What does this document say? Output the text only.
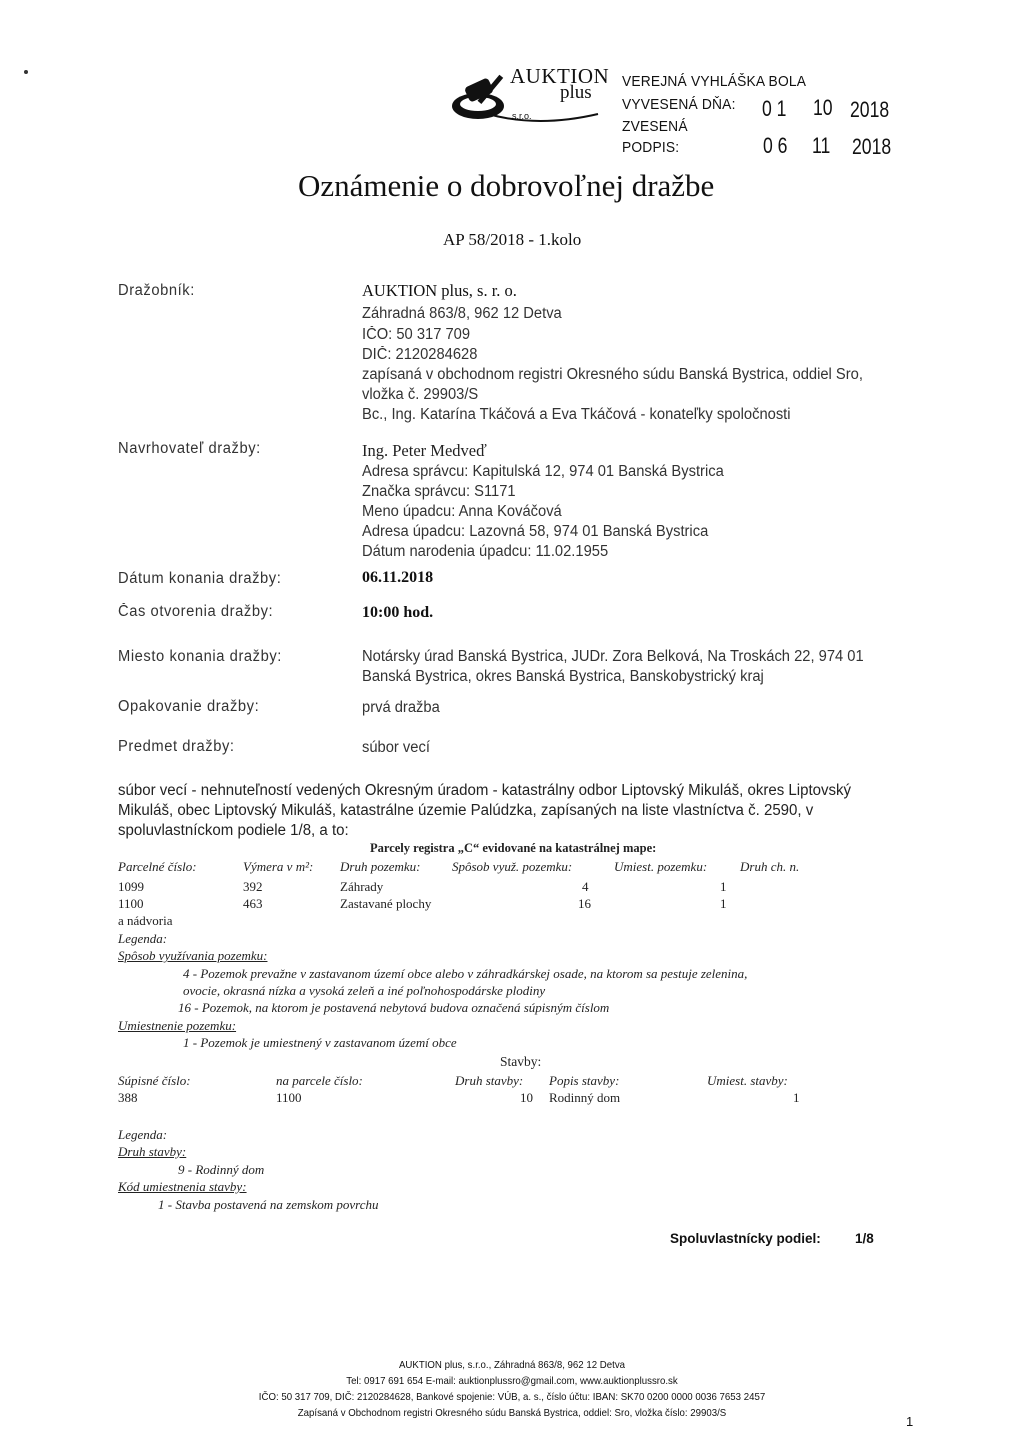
AUKTION
plus
s.r.o.
VEREJNÁ VYHLÁŠKA BOLA
VYVESENÁ DŇA: 0 1 10 2018
ZVESENÁ
PODPIS:	0 6 11 2018
Oznámenie o dobrovoľnej dražbe
AP 58/2018 - 1.kolo
Dražobník:	AUKTION plus, s. r. o.
Záhradná 863/8, 962 12 Detva
IČO: 50 317 709
DIČ: 2120284628
zapísaná v obchodnom registri Okresného súdu Banská Bystrica, oddiel Sro,
vložka č. 29903/S
Bc., Ing. Katarína Tkáčová a Eva Tkáčová - konateľky spoločnosti
Navrhovateľ dražby:	Ing. Peter Medveď
Adresa správcu: Kapitulská 12, 974 01 Banská Bystrica
Značka správcu: S1171
Meno úpadcu: Anna Kováčová
Adresa úpadcu: Lazovná 58, 974 01 Banská Bystrica
Dátum narodenia úpadcu: 11.02.1955
Dátum konania dražby:	06.11.2018
Čas otvorenia dražby:	10:00 hod.
Miesto konania dražby:	Notársky úrad Banská Bystrica, JUDr. Zora Belková, Na Troskách 22, 974 01
Banská Bystrica, okres Banská Bystrica, Banskobystrický kraj
Opakovanie dražby:	prvá dražba
Predmet dražby:	súbor vecí
súbor vecí - nehnuteľností vedených Okresným úradom - katastrálny odbor Liptovský Mikuláš, okres Liptovský
Mikuláš, obec Liptovský Mikuláš, katastrálne územie Palúdzka, zapísaných na liste vlastníctva č. 2590, v
spoluvlastníckom podiele 1/8, a to:
Parcely registra „C“ evidované na katastrálnej mape:
Parcelné číslo:	Výmera v m²: Druh pozemku: Spôsob využ. pozemku:	Umiest. pozemku:	Druh ch. n.
1099	392	Záhrady	4	1
1100	463	Zastavané plochy	16	1
a nádvoria
Legenda:
Spôsob využívania pozemku:
4 - Pozemok prevažne v zastavanom území obce alebo v záhradkárskej osade, na ktorom sa pestuje zelenina,
ovocie, okrasná nízka a vysoká zeleň a iné poľnohospodárske plodiny
16 - Pozemok, na ktorom je postavená nebytová budova označená súpisným číslom
Umiestnenie pozemku:
1 - Pozemok je umiestnený v zastavanom území obce
Stavby:
Súpisné číslo:	na parcele číslo:	Druh stavby: Popis stavby:	Umiest. stavby:
388	1100	10 Rodinný dom	1
Legenda:
Druh stavby:
9 - Rodinný dom
Kód umiestnenia stavby:
1 - Stavba postavená na zemskom povrchu
Spoluvlastnícky podiel:	1/8
AUKTION plus, s.r.o., Záhradná 863/8, 962 12 Detva
Tel: 0917 691 654 E-mail: auktionplussro@gmail.com, www.auktionplussro.sk
IČO: 50 317 709, DIČ: 2120284628, Bankové spojenie: VÚB, a. s., číslo účtu: IBAN: SK70 0200 0000 0036 7653 2457
Zapísaná v Obchodnom registri Okresného súdu Banská Bystrica, oddiel: Sro, vložka číslo: 29903/S
1
